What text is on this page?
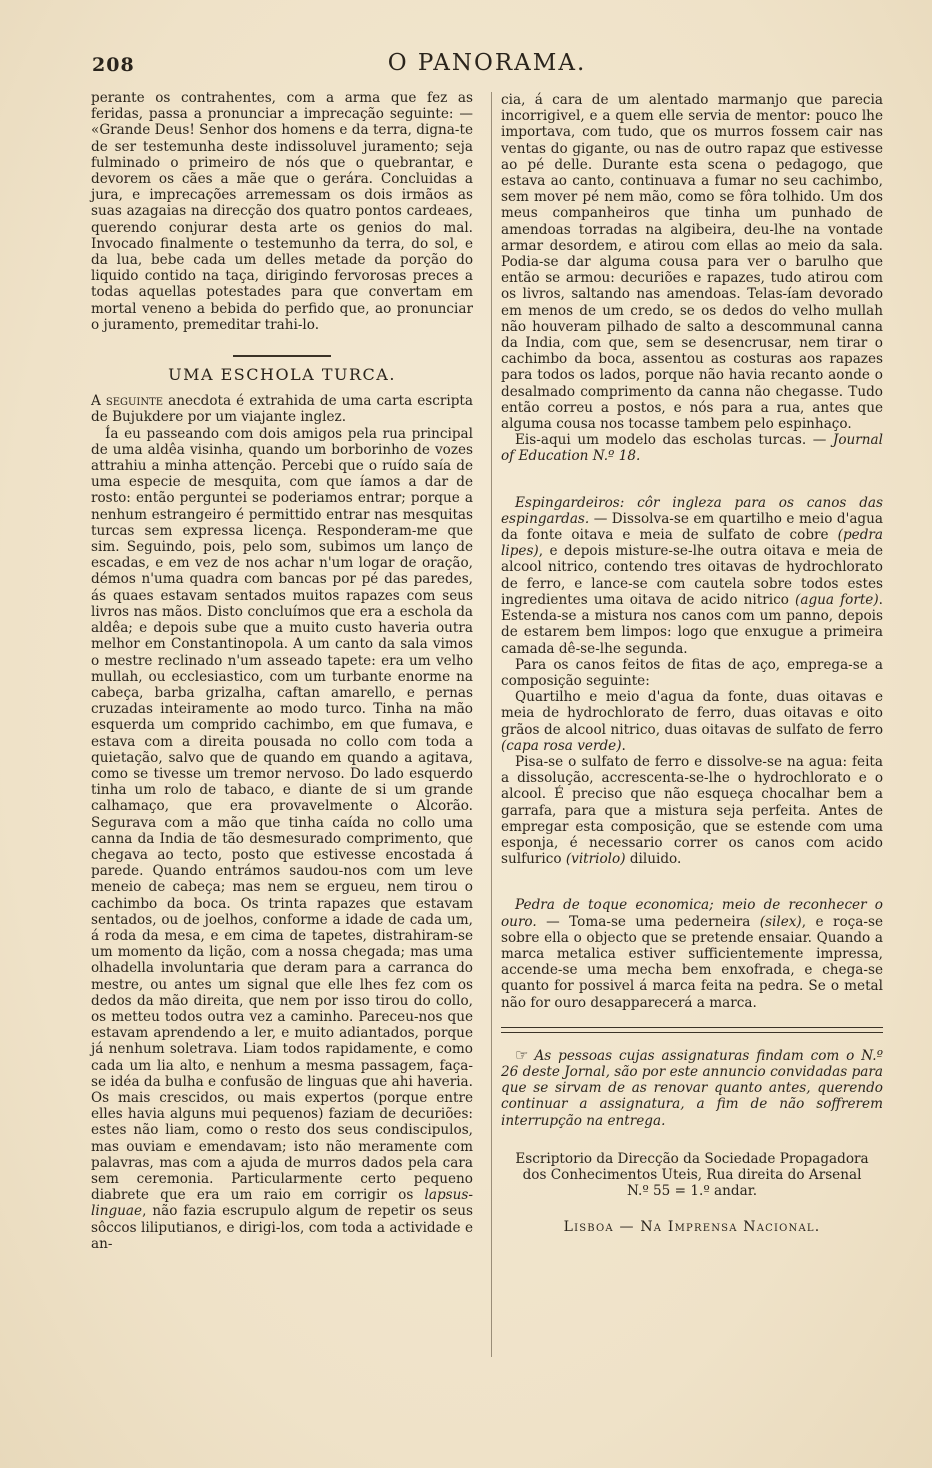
208	O PANORAMA.

perante os contrahentes, com a arma que fez as feridas, passa a pronunciar a imprecação seguinte: — «Grande Deus! Senhor dos homens e da terra, digna-te de ser testemunha deste indissoluvel juramento; seja fulminado o primeiro de nós que o quebrantar, e devorem os cães a mãe que o gerára. Concluidas a jura, e imprecações arremessam os dois irmãos as suas azagaias na direcção dos quatro pontos cardeaes, querendo conjurar desta arte os genios do mal. Invocado finalmente o testemunho da terra, do sol, e da lua, bebe cada um delles metade da porção do liquido contido na taça, dirigindo fervorosas preces a todas aquellas potestades para que convertam em mortal veneno a bebida do perfido que, ao pronunciar o juramento, premeditar trahi-lo.

UMA ESCHOLA TURCA.

A seguinte anecdota é extrahida de uma carta escripta de Bujukdere por um viajante inglez.

Ía eu passeando com dois amigos pela rua principal de uma aldêa visinha, quando um borborinho de vozes attrahiu a minha attenção. Percebi que o ruído saía de uma especie de mesquita, com que íamos a dar de rosto: então perguntei se poderiamos entrar; porque a nenhum estrangeiro é permittido entrar nas mesquitas turcas sem expressa licença. Responderam-me que sim. Seguindo, pois, pelo som, subimos um lanço de escadas, e em vez de nos achar n'um logar de oração, démos n'uma quadra com bancas por pé das paredes, ás quaes estavam sentados muitos rapazes com seus livros nas mãos. Disto concluímos que era a eschola da aldêa; e depois sube que a muito custo haveria outra melhor em Constantinopola. A um canto da sala vimos o mestre reclinado n'um asseado tapete: era um velho mullah, ou ecclesiastico, com um turbante enorme na cabeça, barba grizalha, caftan amarello, e pernas cruzadas inteiramente ao modo turco. Tinha na mão esquerda um comprido cachimbo, em que fumava, e estava com a direita pousada no collo com toda a quietação, salvo que de quando em quando a agitava, como se tivesse um tremor nervoso. Do lado esquerdo tinha um rolo de tabaco, e diante de si um grande calhamaço, que era provavelmente o Alcorão. Segurava com a mão que tinha caída no collo uma canna da India de tão desmesurado comprimento, que chegava ao tecto, posto que estivesse encostada á parede. Quando entrámos saudou-nos com um leve meneio de cabeça; mas nem se ergueu, nem tirou o cachimbo da boca. Os trinta rapazes que estavam sentados, ou de joelhos, conforme a idade de cada um, á roda da mesa, e em cima de tapetes, distrahiram-se um momento da lição, com a nossa chegada; mas uma olhadella involuntaria que deram para a carranca do mestre, ou antes um signal que elle lhes fez com os dedos da mão direita, que nem por isso tirou do collo, os metteu todos outra vez a caminho. Pareceu-nos que estavam aprendendo a ler, e muito adiantados, porque já nenhum soletrava. Liam todos rapidamente, e como cada um lia alto, e nenhum a mesma passagem, faça-se idéa da bulha e confusão de linguas que ahi haveria. Os mais crescidos, ou mais expertos (porque entre elles havia alguns mui pequenos) faziam de decuriões: estes não liam, como o resto dos seus condiscipulos, mas ouviam e emendavam; isto não meramente com palavras, mas com a ajuda de murros dados pela cara sem ceremonia. Particularmente certo pequeno diabrete que era um raio em corrigir os lapsus-linguae, não fazia escrupulo algum de repetir os seus sôccos liliputianos, e dirigi-los, com toda a actividade e an-

cia, á cara de um alentado marmanjo que parecia incorrigivel, e a quem elle servia de mentor: pouco lhe importava, com tudo, que os murros fossem cair nas ventas do gigante, ou nas de outro rapaz que estivesse ao pé delle. Durante esta scena o pedagogo, que estava ao canto, continuava a fumar no seu cachimbo, sem mover pé nem mão, como se fôra tolhido. Um dos meus companheiros que tinha um punhado de amendoas torradas na algibeira, deu-lhe na vontade armar desordem, e atirou com ellas ao meio da sala. Podia-se dar alguma cousa para ver o barulho que então se armou: decuriões e rapazes, tudo atirou com os livros, saltando nas amendoas. Telas-íam devorado em menos de um credo, se os dedos do velho mullah não houveram pilhado de salto a descommunal canna da India, com que, sem se desencrusar, nem tirar o cachimbo da boca, assentou as costuras aos rapazes para todos os lados, porque não havia recanto aonde o desalmado comprimento da canna não chegasse. Tudo então correu a postos, e nós para a rua, antes que alguma cousa nos tocasse tambem pelo espinhaço.

Eis-aqui um modelo das escholas turcas. — Journal of Education N.º 18.

Espingardeiros: côr ingleza para os canos das espingardas. — Dissolva-se em quartilho e meio d'agua da fonte oitava e meia de sulfato de cobre (pedra lipes), e depois misture-se-lhe outra oitava e meia de alcool nitrico, contendo tres oitavas de hydrochlorato de ferro, e lance-se com cautela sobre todos estes ingredientes uma oitava de acido nitrico (agua forte). Estenda-se a mistura nos canos com um panno, depois de estarem bem limpos: logo que enxugue a primeira camada dê-se-lhe segunda.

Para os canos feitos de fitas de aço, emprega-se a composição seguinte:

Quartilho e meio d'agua da fonte, duas oitavas e meia de hydrochlorato de ferro, duas oitavas e oito grãos de alcool nitrico, duas oitavas de sulfato de ferro (capa rosa verde).

Pisa-se o sulfato de ferro e dissolve-se na agua: feita a dissolução, accrescenta-se-lhe o hydrochlorato e o alcool. É preciso que não esqueça chocalhar bem a garrafa, para que a mistura seja perfeita. Antes de empregar esta composição, que se estende com uma esponja, é necessario correr os canos com acido sulfurico (vitriolo) diluido.

Pedra de toque economica; meio de reconhecer o ouro. — Toma-se uma pederneira (silex), e roça-se sobre ella o objecto que se pretende ensaiar. Quando a marca metalica estiver sufficientemente impressa, accende-se uma mecha bem enxofrada, e chega-se quanto for possivel á marca feita na pedra. Se o metal não for ouro desapparecerá a marca.

☞ As pessoas cujas assignaturas findam com o N.º 26 deste Jornal, são por este annuncio convidadas para que se sirvam de as renovar quanto antes, querendo continuar a assignatura, a fim de não soffrerem interrupção na entrega.

Escriptorio da Direcção da Sociedade Propagadora

dos Conhecimentos Uteis, Rua direita do Arsenal

N.º 55 = 1.º andar.

Lisboa — Na Imprensa Nacional.
